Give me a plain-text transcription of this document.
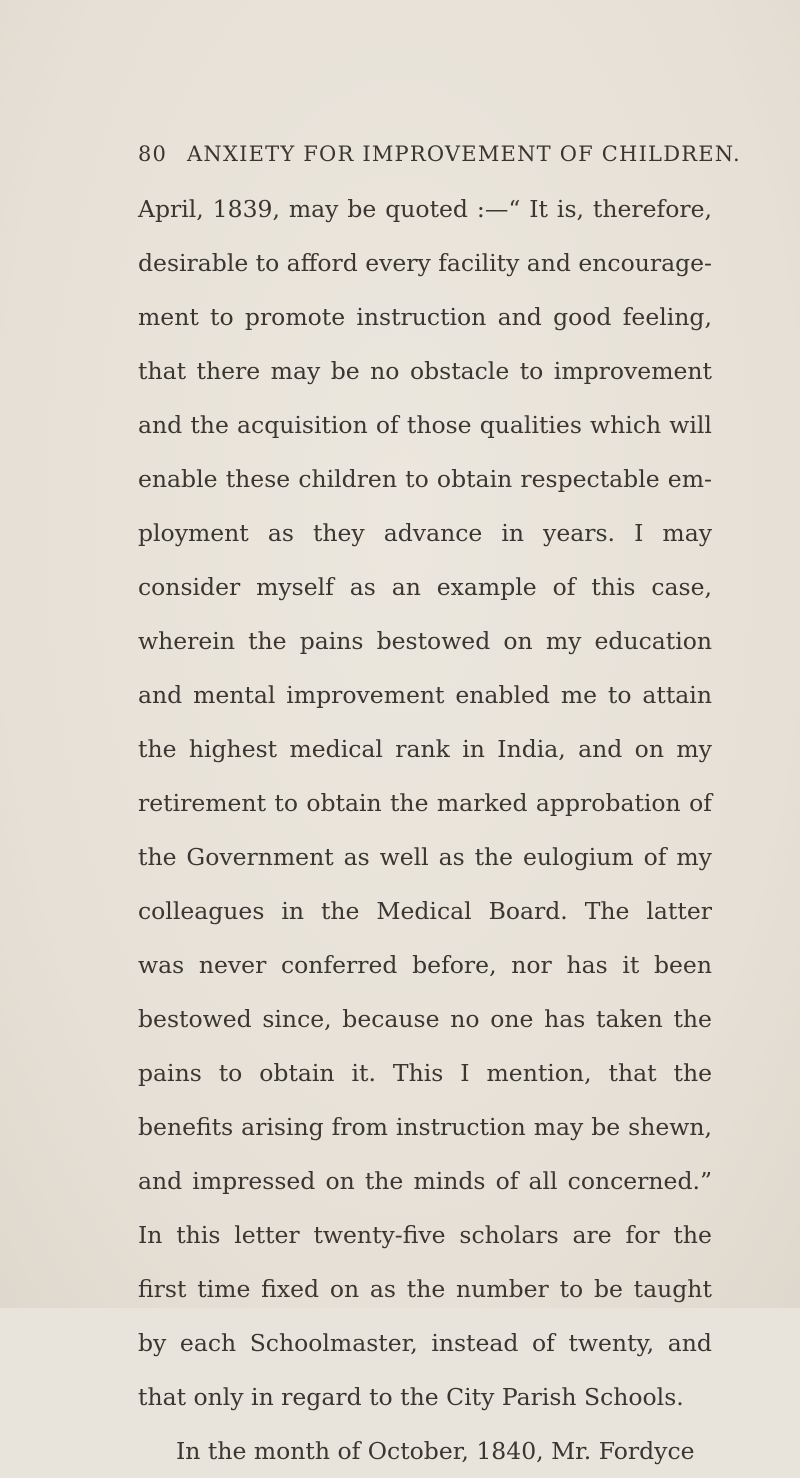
80 ANXIETY FOR IMPROVEMENT OF CHILDREN.
April, 1839, may be quoted :—“ It is, therefore,
desirable to afford every facility and encourage-
ment to promote instruction and good feeling,
that there may be no obstacle to improvement
and the acquisition of those qualities which will
enable these children to obtain respectable em-
ployment as they advance in years. I may
consider myself as an example of this case,
wherein the pains bestowed on my education
and mental improvement enabled me to attain
the highest medical rank in India, and on my
retirement to obtain the marked approbation of
the Government as well as the eulogium of my
colleagues in the Medical Board. The latter
was never conferred before, nor has it been
bestowed since, because no one has taken the
pains to obtain it. This I mention, that the
benefits arising from instruction may be shewn,
and impressed on the minds of all concerned.”
In this letter twenty-five scholars are for the
first time fixed on as the number to be taught
by each Schoolmaster, instead of twenty, and
that only in regard to the City Parish Schools.
In the month of October, 1840, Mr. Fordyce
